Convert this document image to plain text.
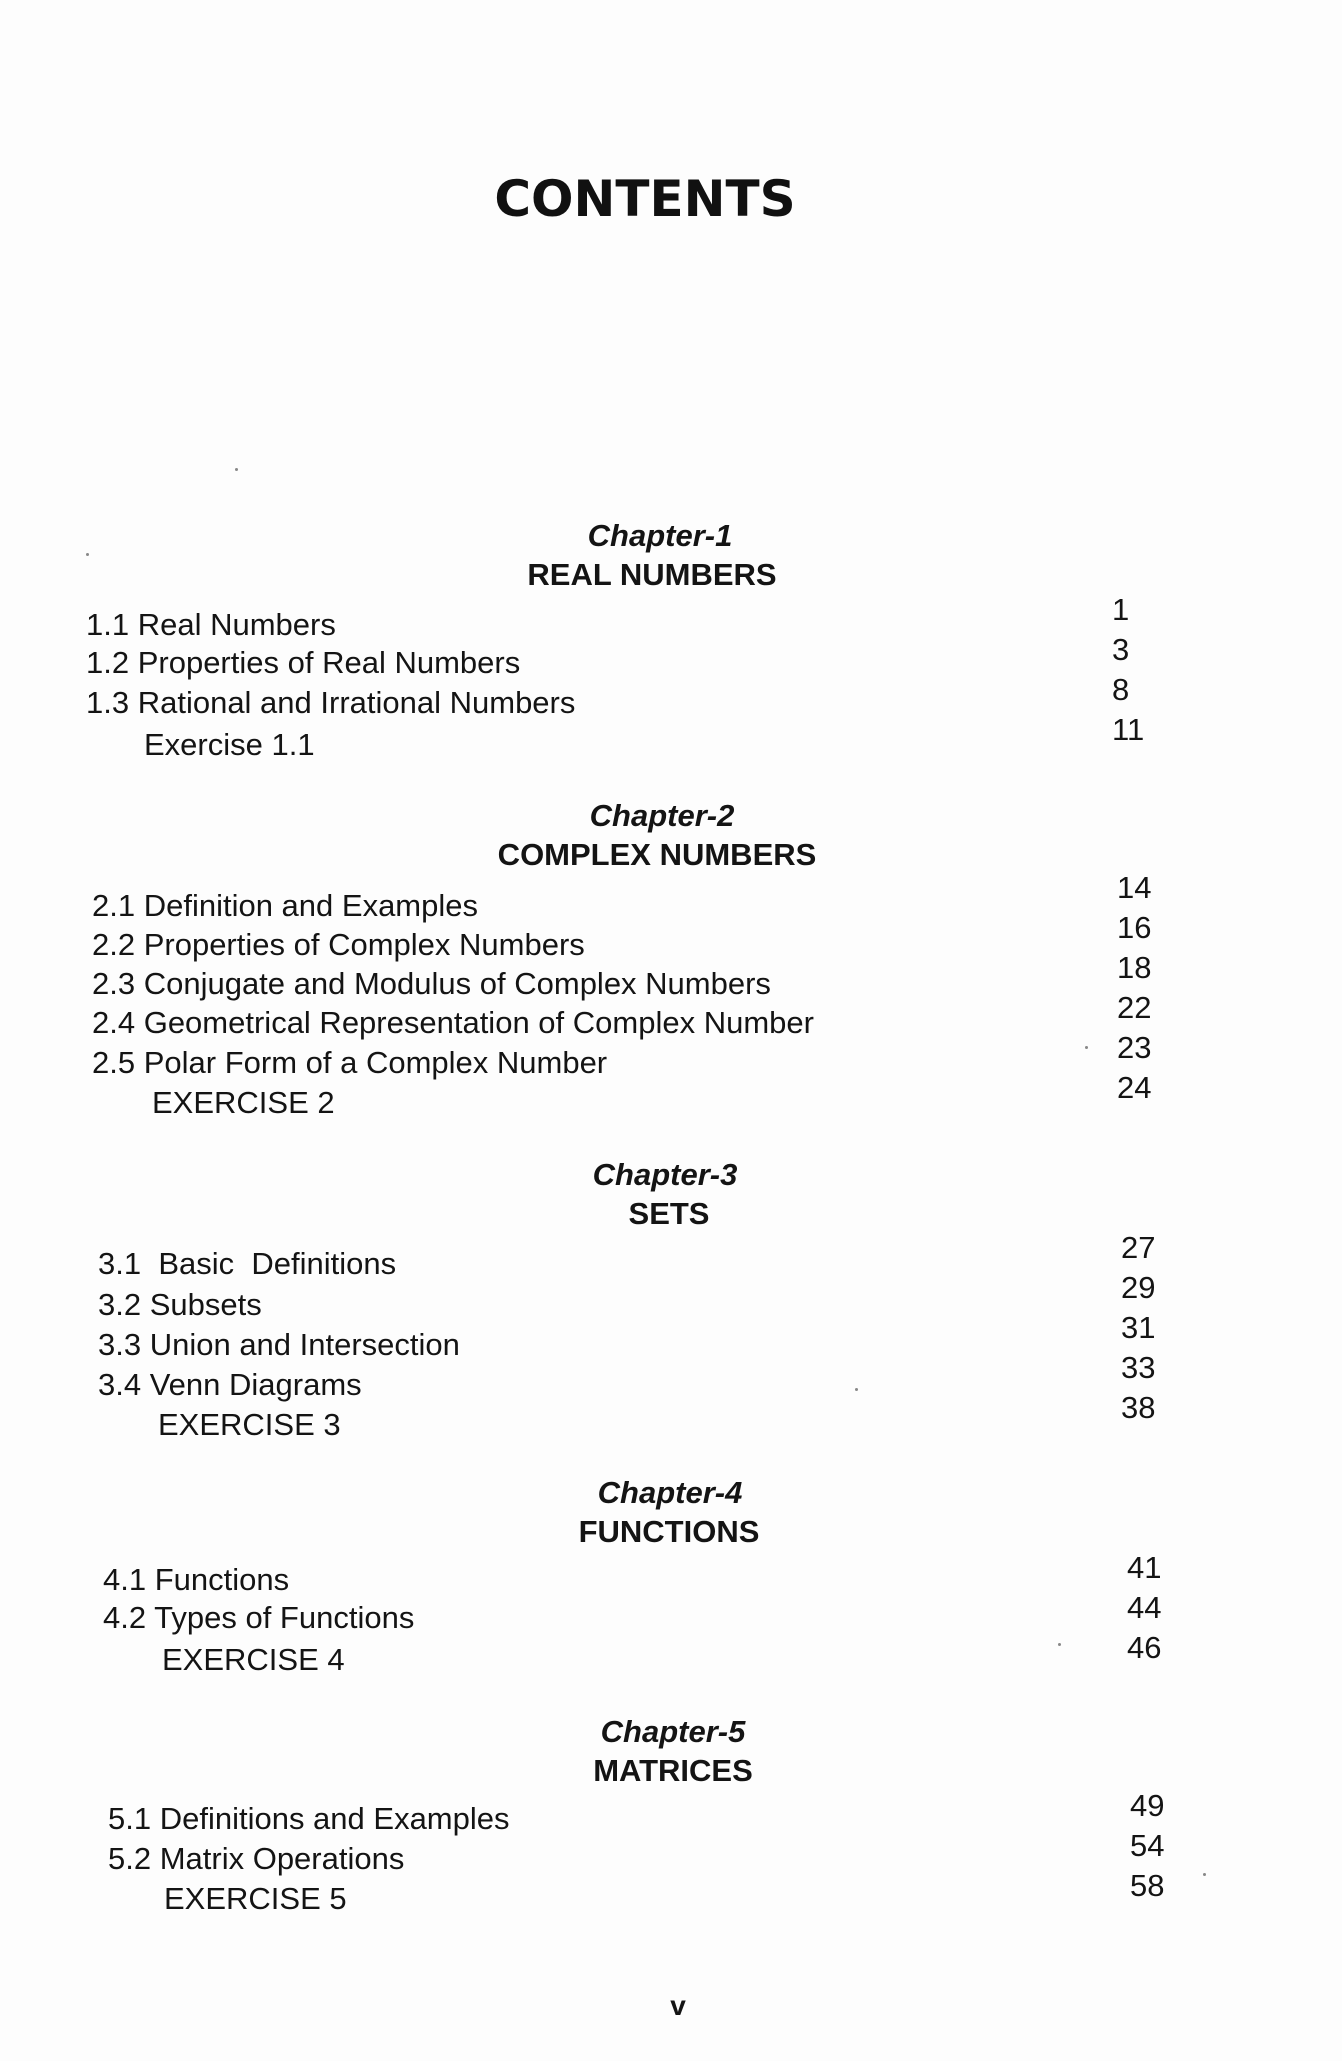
CONTENTS
Chapter-1
REAL NUMBERS
1.1 Real Numbers
1.2 Properties of Real Numbers
1.3 Rational and Irrational Numbers
Exercise 1.1
1
3
8
11
Chapter-2
COMPLEX NUMBERS
2.1 Definition and Examples
2.2 Properties of Complex Numbers
2.3 Conjugate and Modulus of Complex Numbers
2.4 Geometrical Representation of Complex Number
2.5 Polar Form of a Complex Number
EXERCISE 2
14
16
18
22
23
24
Chapter-3
SETS
3.1  Basic  Definitions
3.2 Subsets
3.3 Union and Intersection
3.4 Venn Diagrams
EXERCISE 3
27
29
31
33
38
Chapter-4
FUNCTIONS
4.1 Functions
4.2 Types of Functions
EXERCISE 4
41
44
46
Chapter-5
MATRICES
5.1 Definitions and Examples
5.2 Matrix Operations
EXERCISE 5
49
54
58
v
